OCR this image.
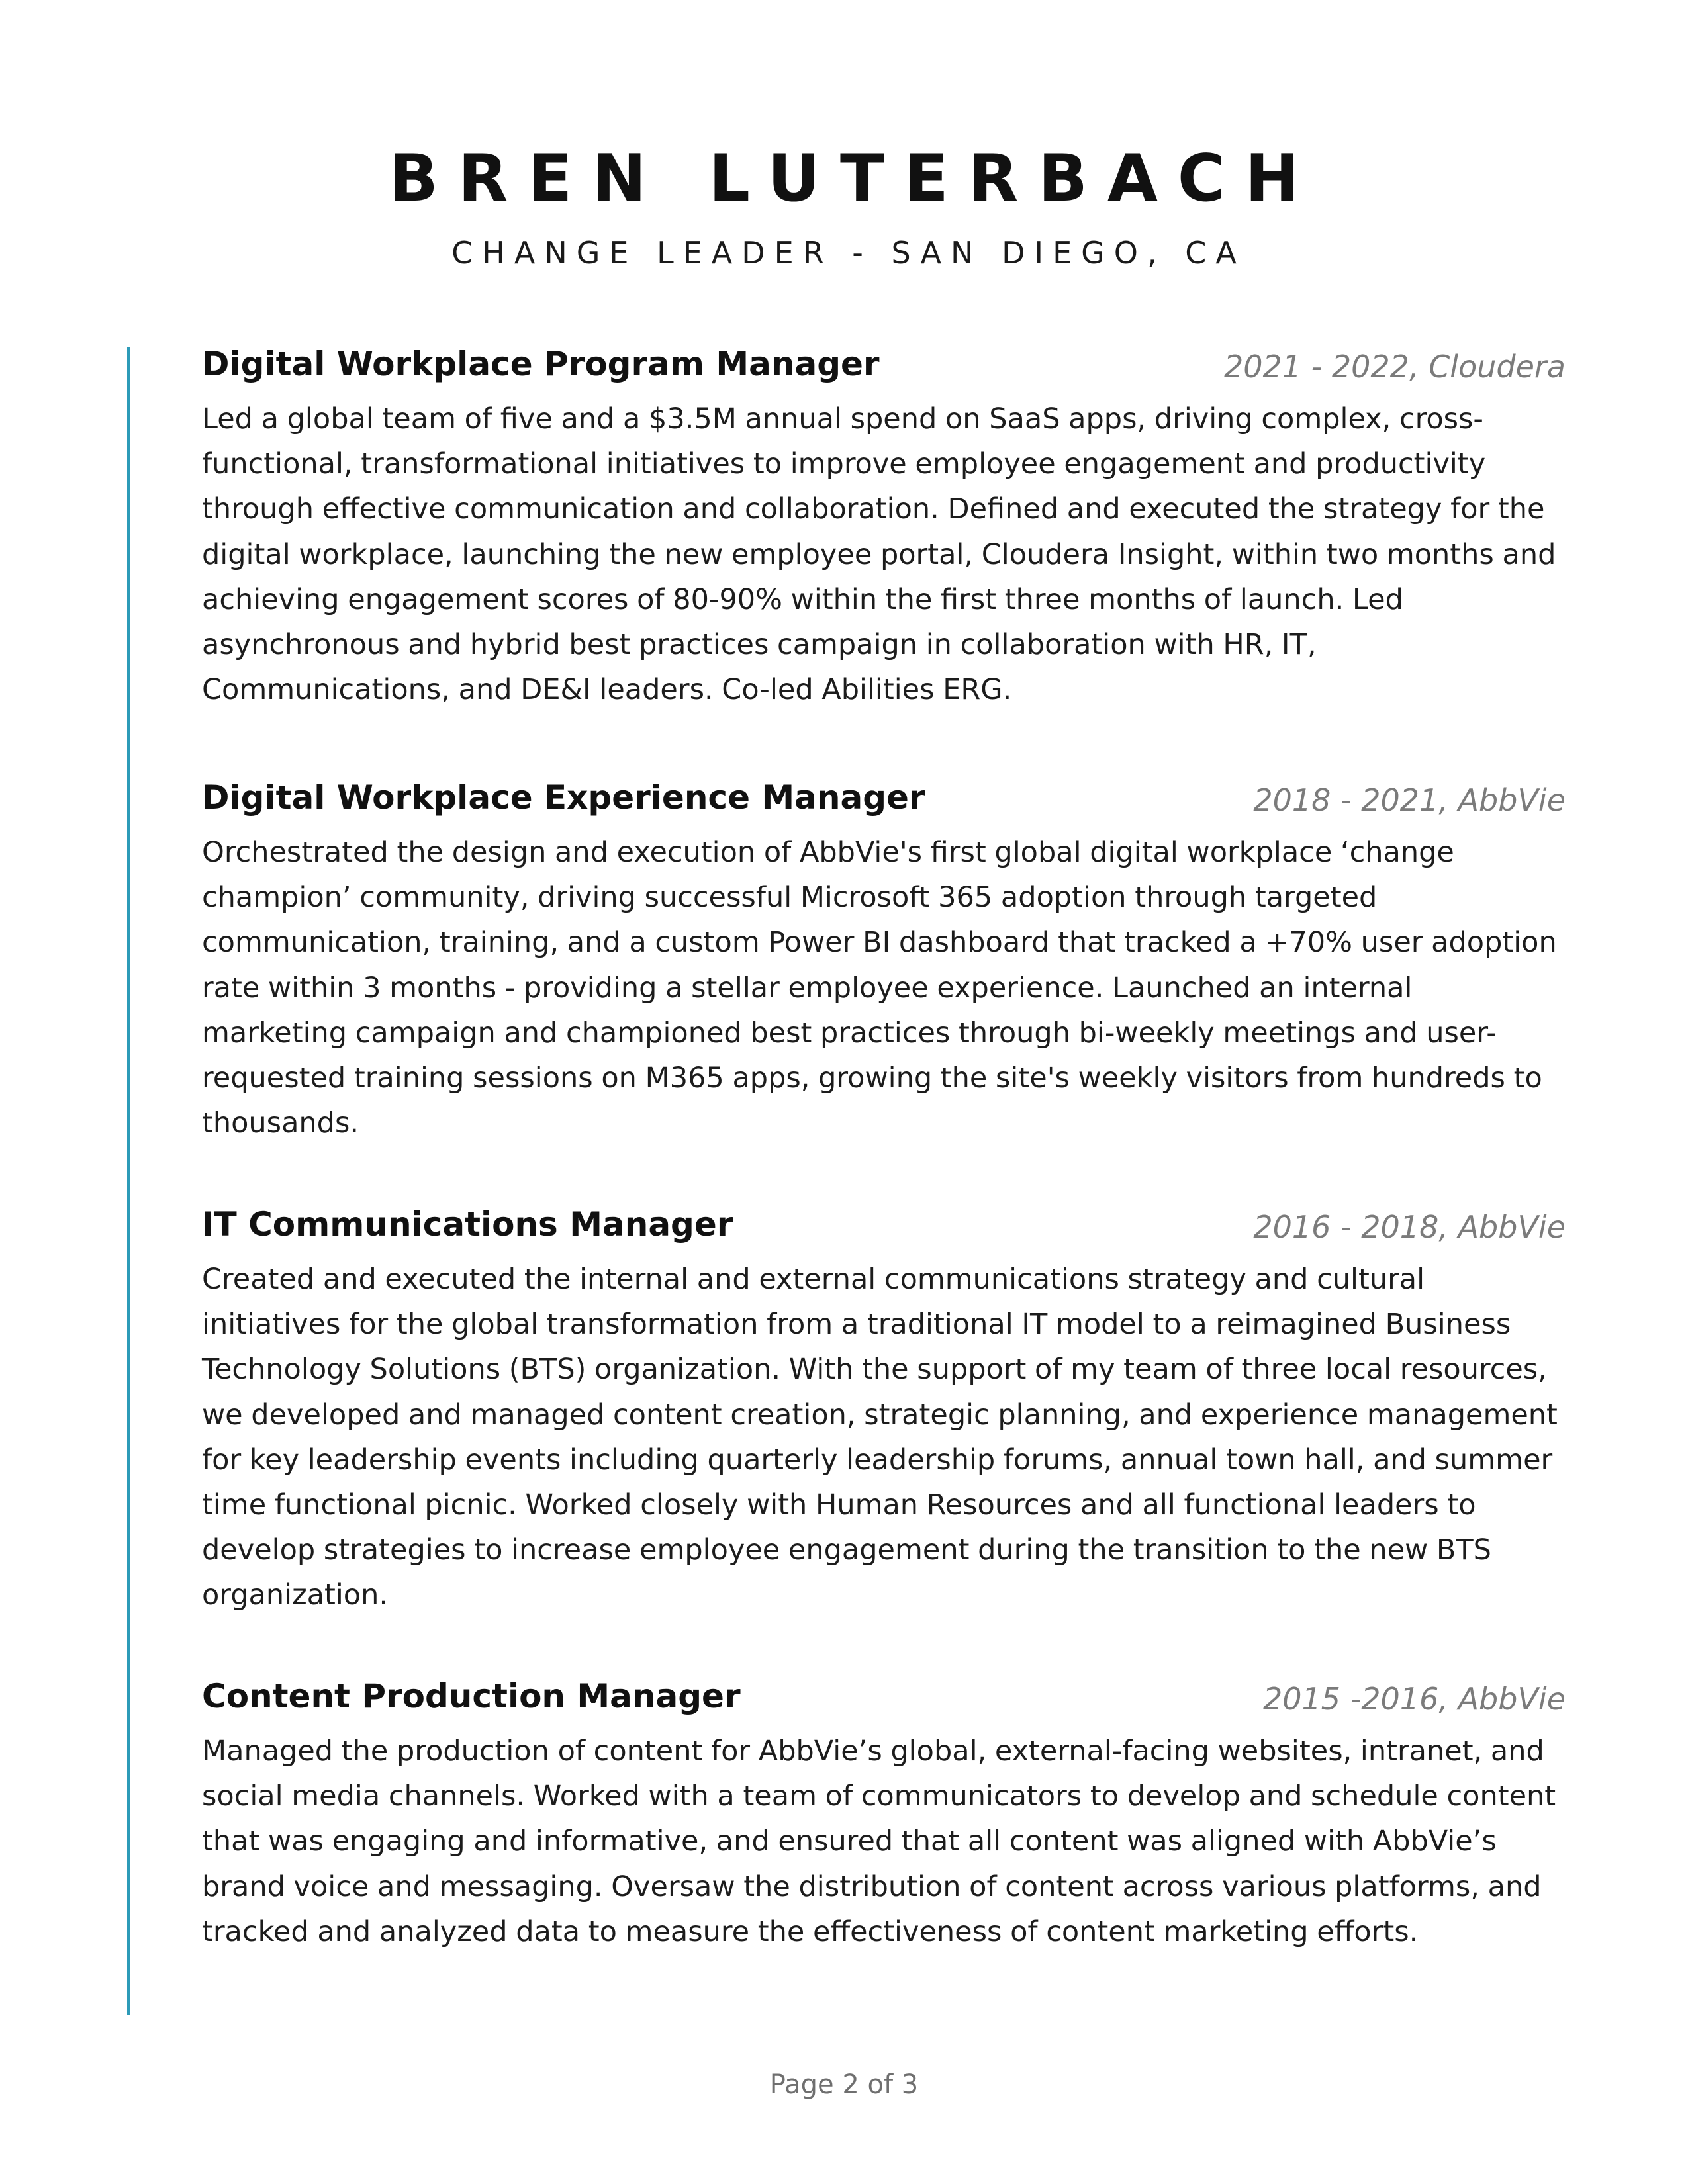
BREN LUTERBACH
CHANGE LEADER - SAN DIEGO, CA
Digital Workplace Program Manager	2021 - 2022, Cloudera
Led a global team of five and a $3.5M annual spend on SaaS apps, driving complex, cross-functional, transformational initiatives to improve employee engagement and productivity through effective communication and collaboration. Defined and executed the strategy for the digital workplace, launching the new employee portal, Cloudera Insight, within two months and achieving engagement scores of 80-90% within the first three months of launch. Led asynchronous and hybrid best practices campaign in collaboration with HR, IT, Communications, and DE&I leaders. Co-led Abilities ERG.
Digital Workplace Experience Manager	2018 - 2021, AbbVie
Orchestrated the design and execution of AbbVie's first global digital workplace ‘change champion’ community, driving successful Microsoft 365 adoption through targeted communication, training, and a custom Power BI dashboard that tracked a +70% user adoption rate within 3 months - providing a stellar employee experience. Launched an internal marketing campaign and championed best practices through bi-weekly meetings and user-requested training sessions on M365 apps, growing the site's weekly visitors from hundreds to thousands.
IT Communications Manager	2016 - 2018, AbbVie
Created and executed the internal and external communications strategy and cultural initiatives for the global transformation from a traditional IT model to a reimagined Business Technology Solutions (BTS) organization. With the support of my team of three local resources, we developed and managed content creation, strategic planning, and experience management for key leadership events including quarterly leadership forums, annual town hall, and summer time functional picnic. Worked closely with Human Resources and all functional leaders to develop strategies to increase employee engagement during the transition to the new BTS organization.
Content Production Manager	2015 -2016, AbbVie
Managed the production of content for AbbVie’s global, external-facing websites, intranet, and social media channels. Worked with a team of communicators to develop and schedule content that was engaging and informative, and ensured that all content was aligned with AbbVie’s brand voice and messaging. Oversaw the distribution of content across various platforms, and tracked and analyzed data to measure the effectiveness of content marketing efforts.
Page 2 of 3
